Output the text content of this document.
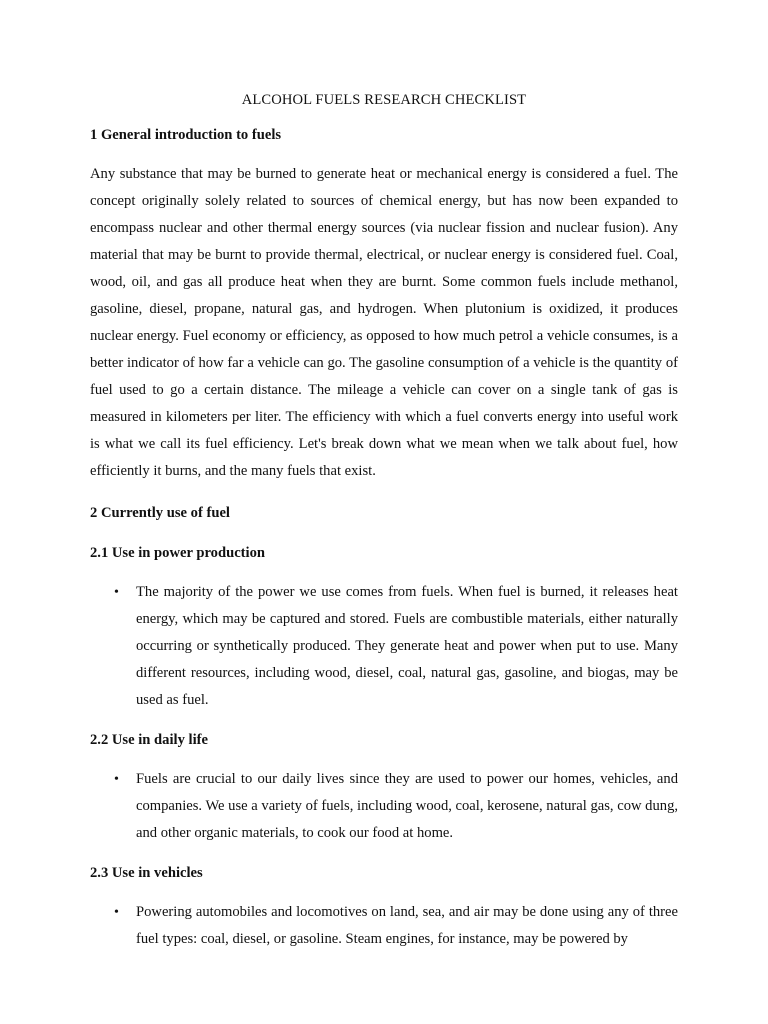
ALCOHOL FUELS RESEARCH CHECKLIST
1 General introduction to fuels

Any substance that may be burned to generate heat or mechanical energy is considered a fuel. The concept originally solely related to sources of chemical energy, but has now been expanded to encompass nuclear and other thermal energy sources (via nuclear fission and nuclear fusion). Any material that may be burnt to provide thermal, electrical, or nuclear energy is considered fuel. Coal, wood, oil, and gas all produce heat when they are burnt. Some common fuels include methanol, gasoline, diesel, propane, natural gas, and hydrogen. When plutonium is oxidized, it produces nuclear energy. Fuel economy or efficiency, as opposed to how much petrol a vehicle consumes, is a better indicator of how far a vehicle can go. The gasoline consumption of a vehicle is the quantity of fuel used to go a certain distance. The mileage a vehicle can cover on a single tank of gas is measured in kilometers per liter. The efficiency with which a fuel converts energy into useful work is what we call its fuel efficiency. Let's break down what we mean when we talk about fuel, how efficiently it burns, and the many fuels that exist.

2 Currently use of fuel
2.1 Use in power production
• The majority of the power we use comes from fuels. When fuel is burned, it releases heat energy, which may be captured and stored. Fuels are combustible materials, either naturally occurring or synthetically produced. They generate heat and power when put to use. Many different resources, including wood, diesel, coal, natural gas, gasoline, and biogas, may be used as fuel.
2.2 Use in daily life
• Fuels are crucial to our daily lives since they are used to power our homes, vehicles, and companies. We use a variety of fuels, including wood, coal, kerosene, natural gas, cow dung, and other organic materials, to cook our food at home.
2.3 Use in vehicles
• Powering automobiles and locomotives on land, sea, and air may be done using any of three fuel types: coal, diesel, or gasoline. Steam engines, for instance, may be powered by
